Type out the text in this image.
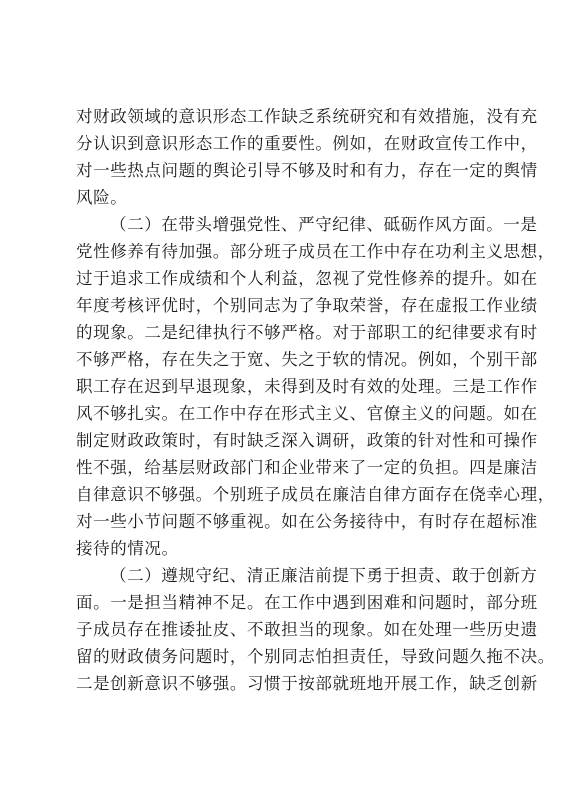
对财政领域的意识形态工作缺乏系统研究和有效措施，没有充
分认识到意识形态工作的重要性。例如，在财政宣传工作中，
对一些热点问题的舆论引导不够及时和有力，存在一定的舆情
风险。
（二）在带头增强党性、严守纪律、砥砺作风方面。一是
党性修养有待加强。部分班子成员在工作中存在功利主义思想，
过于追求工作成绩和个人利益，忽视了党性修养的提升。如在
年度考核评优时，个别同志为了争取荣誉，存在虚报工作业绩
的现象。二是纪律执行不够严格。对于部职工的纪律要求有时
不够严格，存在失之于宽、失之于软的情况。例如，个别干部
职工存在迟到早退现象，未得到及时有效的处理。三是工作作
风不够扎实。在工作中存在形式主义、官僚主义的问题。如在
制定财政政策时，有时缺乏深入调研，政策的针对性和可操作
性不强，给基层财政部门和企业带来了一定的负担。四是廉洁
自律意识不够强。个别班子成员在廉洁自律方面存在侥幸心理，
对一些小节问题不够重视。如在公务接待中，有时存在超标准
接待的情况。
（二）遵规守纪、清正廉洁前提下勇于担责、敢于创新方
面。一是担当精神不足。在工作中遇到困难和问题时，部分班
子成员存在推诿扯皮、不敢担当的现象。如在处理一些历史遗
留的财政债务问题时，个别同志怕担责任，导致问题久拖不决。
二是创新意识不够强。习惯于按部就班地开展工作，缺乏创新
